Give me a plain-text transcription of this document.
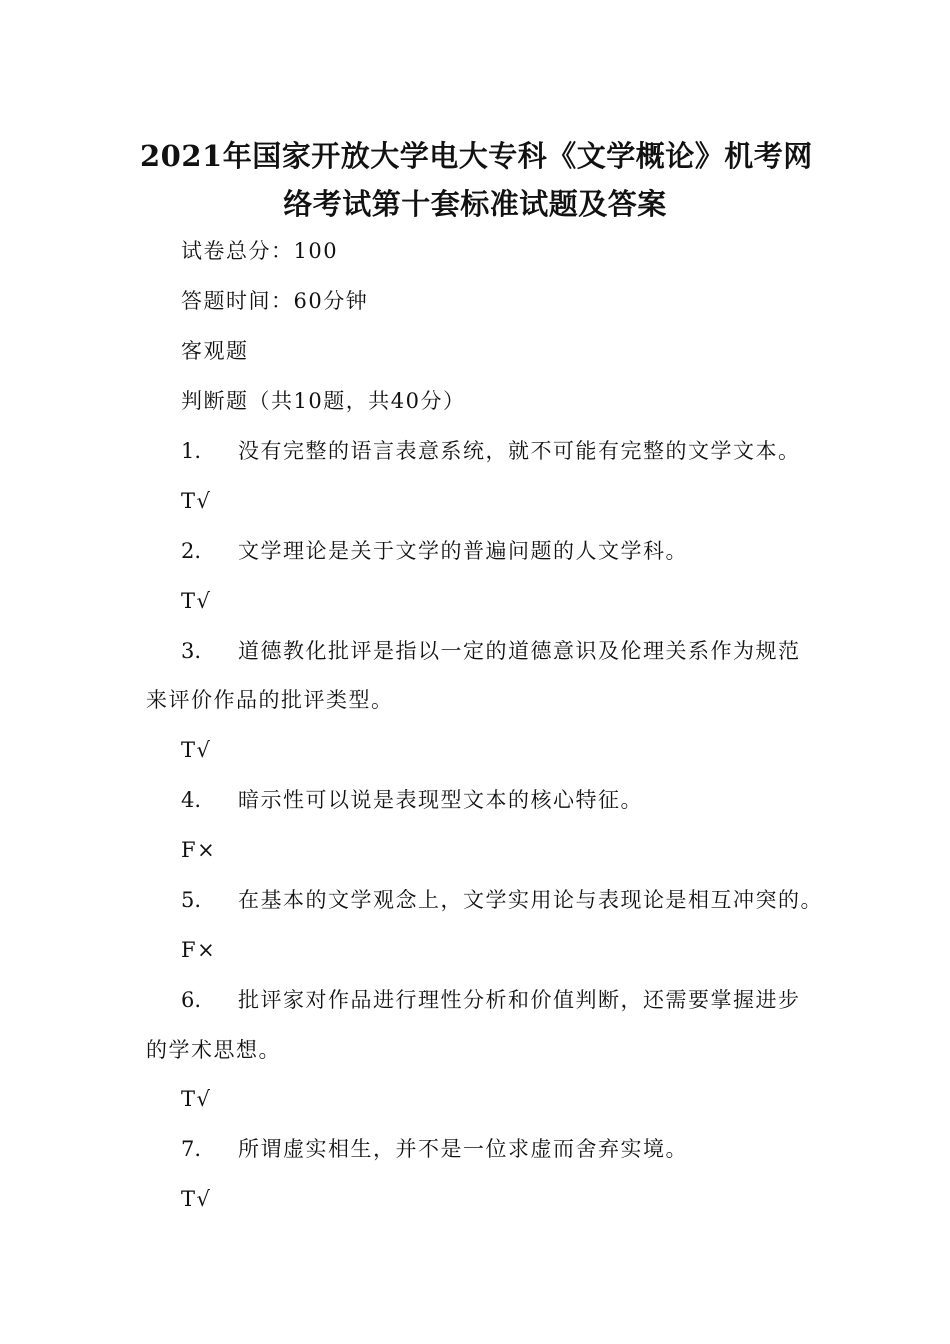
2021年国家开放大学电大专科《文学概论》机考网
络考试第十套标准试题及答案
试卷总分：100
答题时间：60分钟
客观题
判断题（共10题，共40分）
1. 没有完整的语言表意系统，就不可能有完整的文学文本。
T√
2. 文学理论是关于文学的普遍问题的人文学科。
T√
3. 道德教化批评是指以一定的道德意识及伦理关系作为规范
来评价作品的批评类型。
T√
4. 暗示性可以说是表现型文本的核心特征。
F×
5. 在基本的文学观念上，文学实用论与表现论是相互冲突的。
F×
6. 批评家对作品进行理性分析和价值判断，还需要掌握进步
的学术思想。
T√
7. 所谓虚实相生，并不是一位求虚而舍弃实境。
T√
